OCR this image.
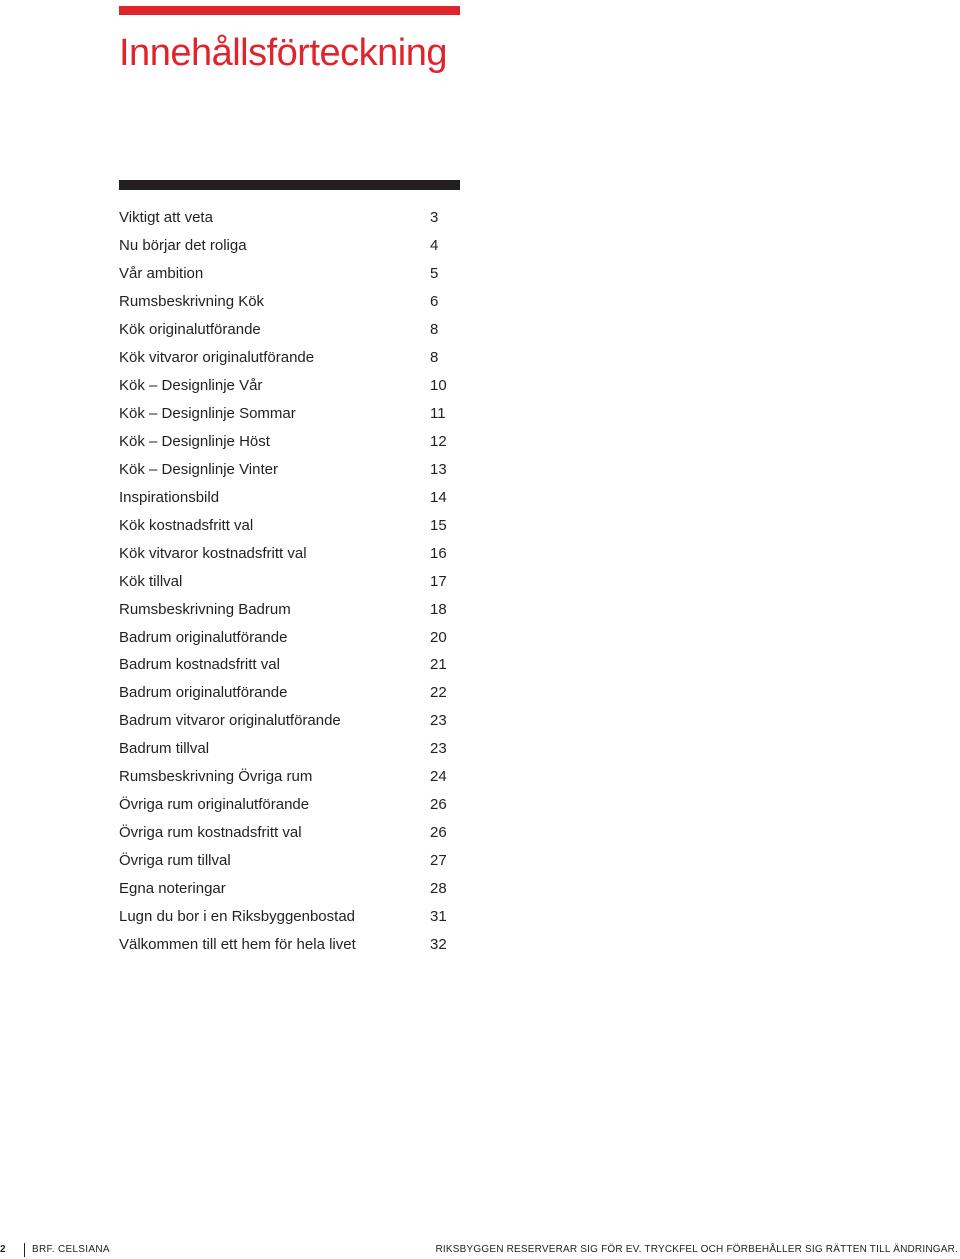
Innehållsförteckning
Viktigt att veta	3
Nu börjar det roliga	4
Vår ambition	5
Rumsbeskrivning Kök	6
Kök originalutförande	8
Kök vitvaror originalutförande	8
Kök – Designlinje Vår	10
Kök – Designlinje Sommar	11
Kök – Designlinje Höst	12
Kök – Designlinje Vinter	13
Inspirationsbild	14
Kök kostnadsfritt val	15
Kök vitvaror kostnadsfritt val	16
Kök tillval	17
Rumsbeskrivning Badrum	18
Badrum originalutförande	20
Badrum kostnadsfritt val	21
Badrum originalutförande	22
Badrum vitvaror originalutförande	23
Badrum tillval	23
Rumsbeskrivning Övriga rum	24
Övriga rum originalutförande	26
Övriga rum kostnadsfritt val	26
Övriga rum tillval	27
Egna noteringar	28
Lugn du bor i en Riksbyggenbostad	31
Välkommen till ett hem för hela livet	32
2	BRF. CELSIANA	RIKSBYGGEN RESERVERAR SIG FÖR EV. TRYCKFEL OCH FÖRBEHÅLLER SIG RÄTTEN TILL ÄNDRINGAR.
